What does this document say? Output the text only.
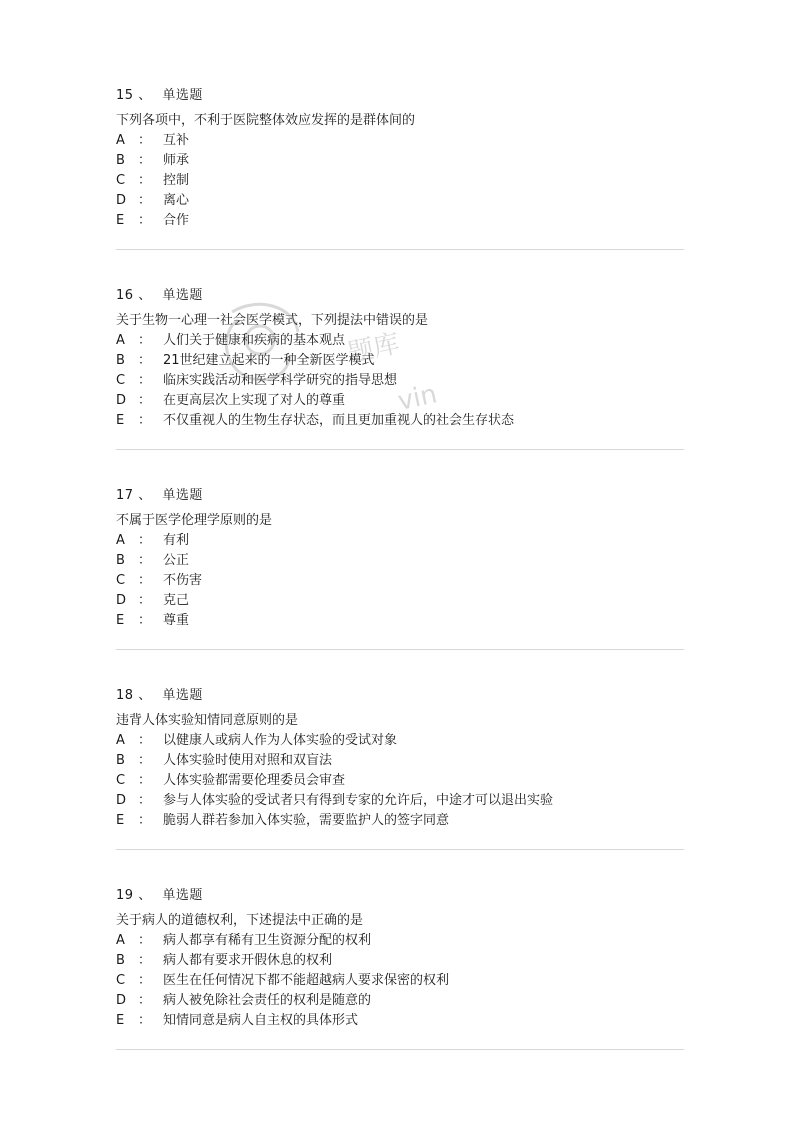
15 、 单选题
下列各项中，不利于医院整体效应发挥的是群体间的
A ： 互补
B ： 师承
C ： 控制
D ： 离心
E ： 合作
16 、 单选题
关于生物一心理一社会医学模式，下列提法中错误的是
A ： 人们关于健康和疾病的基本观点
B ： 21世纪建立起来的一种全新医学模式
C ： 临床实践活动和医学科学研究的指导思想
D ： 在更高层次上实现了对人的尊重
E ： 不仅重视人的生物生存状态，而且更加重视人的社会生存状态
17 、 单选题
不属于医学伦理学原则的是
A ： 有利
B ： 公正
C ： 不伤害
D ： 克己
E ： 尊重
18 、 单选题
违背人体实验知情同意原则的是
A ： 以健康人或病人作为人体实验的受试对象
B ： 人体实验时使用对照和双盲法
C ： 人体实验都需要伦理委员会审查
D ： 参与人体实验的受试者只有得到专家的允许后，中途才可以退出实验
E ： 脆弱人群若参加入体实验，需要监护人的签字同意
19 、 单选题
关于病人的道德权利，下述提法中正确的是
A ： 病人都享有稀有卫生资源分配的权利
B ： 病人都有要求开假休息的权利
C ： 医生在任何情况下都不能超越病人要求保密的权利
D ： 病人被免除社会责任的权利是随意的
E ： 知情同意是病人自主权的具体形式
题库
vin
